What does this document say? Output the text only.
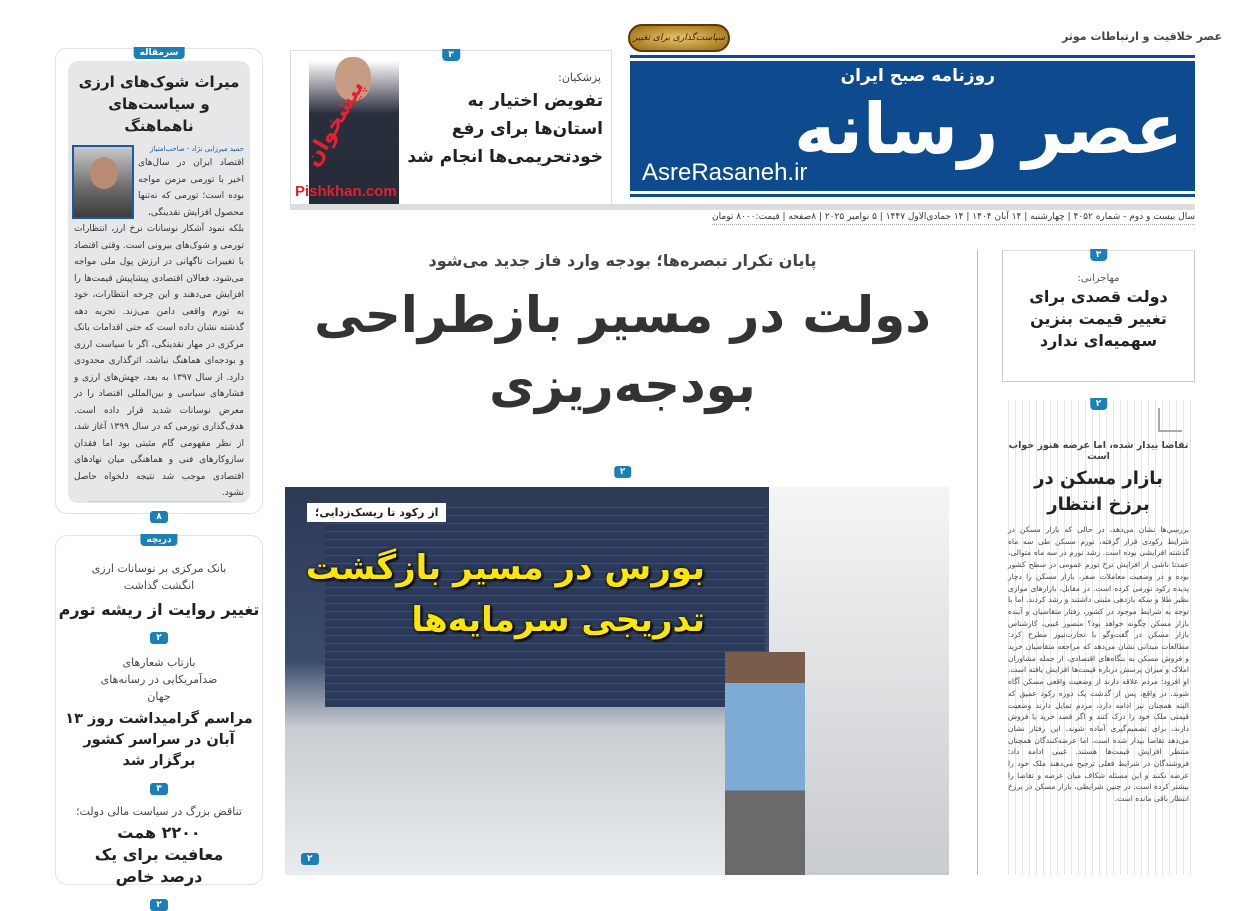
سرمقاله
میراث شوک‌های ارزی و سیاست‌های ناهماهنگ
حمید میرزایی نژاد - صاحب‌امتیاز
اقتصاد ایران در سال‌های اخیر با تورمی مزمن مواجه بوده است؛ تورمی که نه‌تنها محصول افزایش نقدینگی،
بلکه نمود آشکار نوسانات نرخ ارز، انتظارات تورمی و شوک‌های بیرونی است. وقتی اقتصاد با تغییرات ناگهانی در ارزش پول ملی مواجه می‌شود، فعالان اقتصادی پیشاپیش قیمت‌ها را افزایش می‌دهند و این چرخه انتظارات، خود به تورم واقعی دامن می‌زند. تجربه دهه گذشته نشان داده است که حتی اقدامات بانک مرکزی در مهار نقدینگی، اگر با سیاست ارزی و بودجه‌ای هماهنگ نباشد، اثرگذاری محدودی دارد. از سال ۱۳۹۷ به بعد، جهش‌های ارزی و فشارهای سیاسی و بین‌المللی اقتصاد را در معرض نوسانات شدید قرار داده است. هدف‌گذاری تورمی که در سال ۱۳۹۹ آغاز شد، از نظر مفهومی گام مثبتی بود اما فقدان سازوکارهای فنی و هماهنگی میان نهادهای اقتصادی موجب شد نتیجه دلخواه حاصل نشود.
۸
دریچه
بانک مرکزی بر نوسانات ارزی انگشت گذاشت
تغییر روایت از ریشه تورم
۲
بازتاب شعارهای ضدآمریکایی در رسانه‌های جهان
مراسم گرامیداشت روز ۱۳ آبان در سراسر کشور برگزار شد
۳
تناقض بزرگ در سیاست مالی دولت؛
۲۲۰۰ همت معافیت برای یک درصد خاص
۲
۳
پزشکیان:
تفویض اختیار به استان‌ها برای رفع خودتحریمی‌ها انجام شد
پیشخوان
Pishkhan.com
عصر خلاقیت و ارتباطات موثر
سیاست‌گذاری برای تغییر
روزنامه صبح ایران
عصر رسانه
AsreRasaneh.ir
سال بیست و دوم - شماره ۴۰۵۲ | چهارشنبه | ۱۴ آبان ۱۴۰۴ | ۱۴ جمادی‌الاول ۱۴۴۷ | ۵ نوامبر ۲۰۲۵ | ۸صفحه | قیمت:۸۰۰۰ تومان
پایان تکرار تبصره‌ها؛ بودجه وارد فاز جدید می‌شود
دولت در مسیر بازطراحی بودجه‌ریزی
۲
از رکود تا ریسک‌زدایی؛
بورس در مسیر بازگشت تدریجی سرمایه‌ها
۲
۳
مهاجرانی:
دولت قصدی برای تغییر قیمت بنزین سهمیه‌ای ندارد
۲
تقاضا بیدار شده، اما عرضه هنوز خواب است
بازار مسکن در برزخ انتظار
بررسی‌ها نشان می‌دهد، در حالی که بازار مسکن در شرایط رکودی قرار گرفته، تورم مسکن طی سه ماه گذشته افزایشی بوده است. رشد تورم در سه ماه متوالی، عمدتا ناشی از افزایش نرخ تورم عمومی در سطح کشور بوده و در وضعیت معاملات صفر، بازار مسکن را دچار پدیده رکود تورمی کرده است. در مقابل، بازارهای موازی نظیر طلا و سکه بازدهی مثبتی داشتند و رشد کردند. اما با توجه به شرایط موجود در کشور، رفتار متقاضیان و آینده بازار مسکن چگونه خواهد بود؟ منصور غیبی، کارشناس بازار مسکن در گفت‌وگو با تجارت‌نیوز مطرح کرد: مطالعات میدانی نشان می‌دهد که مراجعه متقاضیان خرید و فروش مسکن به بنگاه‌های اقتصادی، از جمله مشاوران املاک و میزان پرسش درباره قیمت‌ها افزایش یافته است. او افزود: مردم علاقه دارند از وضعیت واقعی مسکن آگاه شوند. در واقع، پس از گذشت یک دوره رکود عمیق که البته همچنان نیز ادامه دارد، مردم تمایل دارند وضعیت قیمتی ملک خود را درک کنند و اگر قصد خرید یا فروش دارند، برای تصمیم‌گیری آماده شوند. این رفتار نشان می‌دهد تقاضا بیدار شده است، اما عرضه‌کنندگان همچنان منتظر افزایش قیمت‌ها هستند. غیبی ادامه داد: فروشندگان در شرایط فعلی ترجیح می‌دهند ملک خود را عرضه نکنند و این مسئله شکاف میان عرضه و تقاضا را بیشتر کرده است. در چنین شرایطی، بازار مسکن در برزخ انتظار باقی مانده است.
